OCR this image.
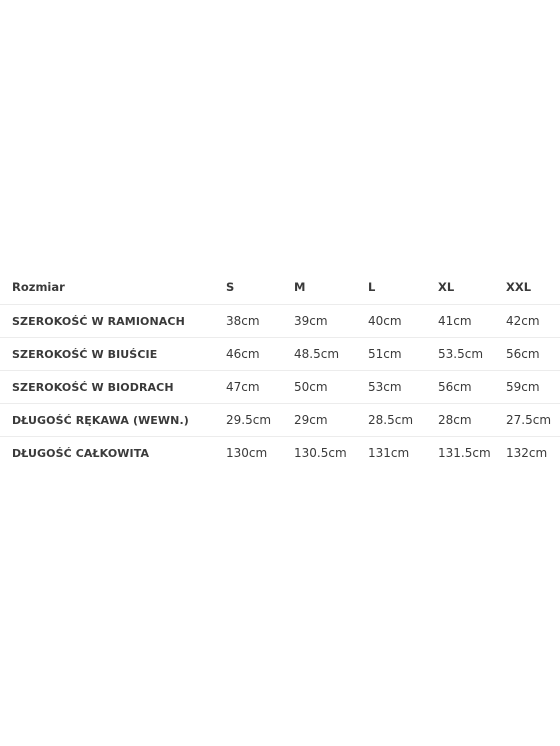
Rozmiar	S	M	L	XL	XXL
SZEROKOŚĆ W RAMIONACH	38cm	39cm	40cm	41cm	42cm
SZEROKOŚĆ W BIUŚCIE	46cm	48.5cm	51cm	53.5cm	56cm
SZEROKOŚĆ W BIODRACH	47cm	50cm	53cm	56cm	59cm
DŁUGOŚĆ RĘKAWA (WEWN.)	29.5cm	29cm	28.5cm	28cm	27.5cm
DŁUGOŚĆ CAŁKOWITA	130cm	130.5cm	131cm	131.5cm	132cm
